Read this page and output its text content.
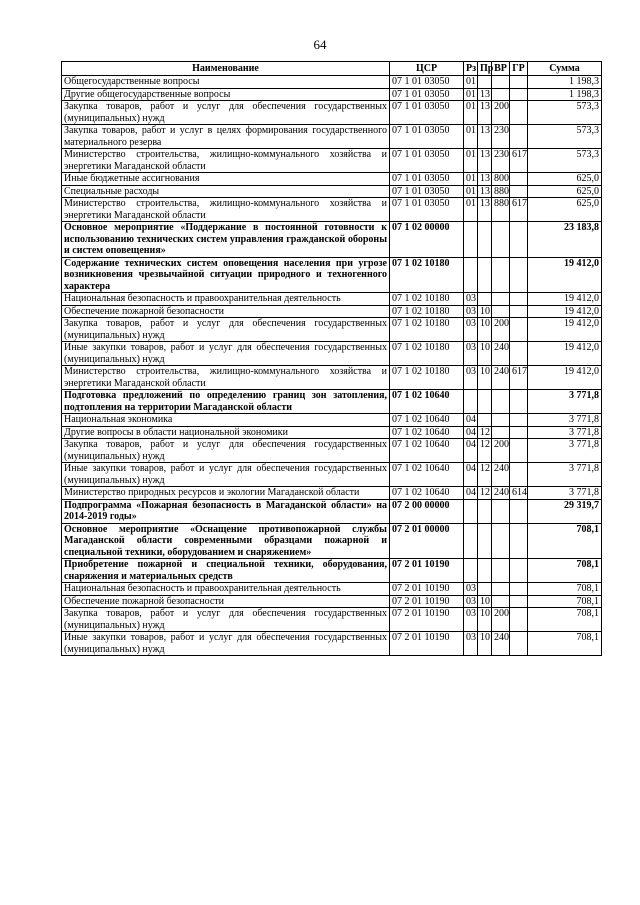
64
Наименование	ЦСР	Рз	Пр	ВР	ГР	Сумма
Общегосударственные вопросы	07 1 01 03050	01				1 198,3
Другие общегосударственные вопросы	07 1 01 03050	01	13			1 198,3
Закупка товаров, работ и услуг для обеспечения государственных (муниципальных) нужд	07 1 01 03050	01	13	200		573,3
Закупка товаров, работ и услуг в целях формирования государственного материального резерва	07 1 01 03050	01	13	230		573,3
Министерство строительства, жилищно-коммунального хозяйства и энергетики Магаданской области	07 1 01 03050	01	13	230	617	573,3
Иные бюджетные ассигнования	07 1 01 03050	01	13	800		625,0
Специальные расходы	07 1 01 03050	01	13	880		625,0
Министерство строительства, жилищно-коммунального хозяйства и энергетики Магаданской области	07 1 01 03050	01	13	880	617	625,0
Основное мероприятие «Поддержание в постоянной готовности к использованию технических систем управления гражданской обороны и систем оповещения»	07 1 02 00000					23 183,8
Содержание технических систем оповещения населения при угрозе возникновения чрезвычайной ситуации природного и техногенного характера	07 1 02 10180					19 412,0
Национальная безопасность и правоохранительная деятельность	07 1 02 10180	03				19 412,0
Обеспечение пожарной безопасности	07 1 02 10180	03	10			19 412,0
Закупка товаров, работ и услуг для обеспечения государственных (муниципальных) нужд	07 1 02 10180	03	10	200		19 412,0
Иные закупки товаров, работ и услуг для обеспечения государственных (муниципальных) нужд	07 1 02 10180	03	10	240		19 412,0
Министерство строительства, жилищно-коммунального хозяйства и энергетики Магаданской области	07 1 02 10180	03	10	240	617	19 412,0
Подготовка предложений по определению границ зон затопления, подтопления на территории Магаданской области	07 1 02 10640					3 771,8
Национальная экономика	07 1 02 10640	04				3 771,8
Другие вопросы в области национальной экономики	07 1 02 10640	04	12			3 771,8
Закупка товаров, работ и услуг для обеспечения государственных (муниципальных) нужд	07 1 02 10640	04	12	200		3 771,8
Иные закупки товаров, работ и услуг для обеспечения государственных (муниципальных) нужд	07 1 02 10640	04	12	240		3 771,8
Министерство природных ресурсов и экологии Магаданской области	07 1 02 10640	04	12	240	614	3 771,8
Подпрограмма «Пожарная безопасность в Магаданской области» на 2014-2019 годы»	07 2 00 00000					29 319,7
Основное мероприятие «Оснащение противопожарной службы Магаданской области современными образцами пожарной и специальной техники, оборудованием и снаряжением»	07 2 01 00000					708,1
Приобретение пожарной и специальной техники, оборудования, снаряжения и материальных средств	07 2 01 10190					708,1
Национальная безопасность и правоохранительная деятельность	07 2 01 10190	03				708,1
Обеспечение пожарной безопасности	07 2 01 10190	03	10			708,1
Закупка товаров, работ и услуг для обеспечения государственных (муниципальных) нужд	07 2 01 10190	03	10	200		708,1
Иные закупки товаров, работ и услуг для обеспечения государственных (муниципальных) нужд	07 2 01 10190	03	10	240		708,1
